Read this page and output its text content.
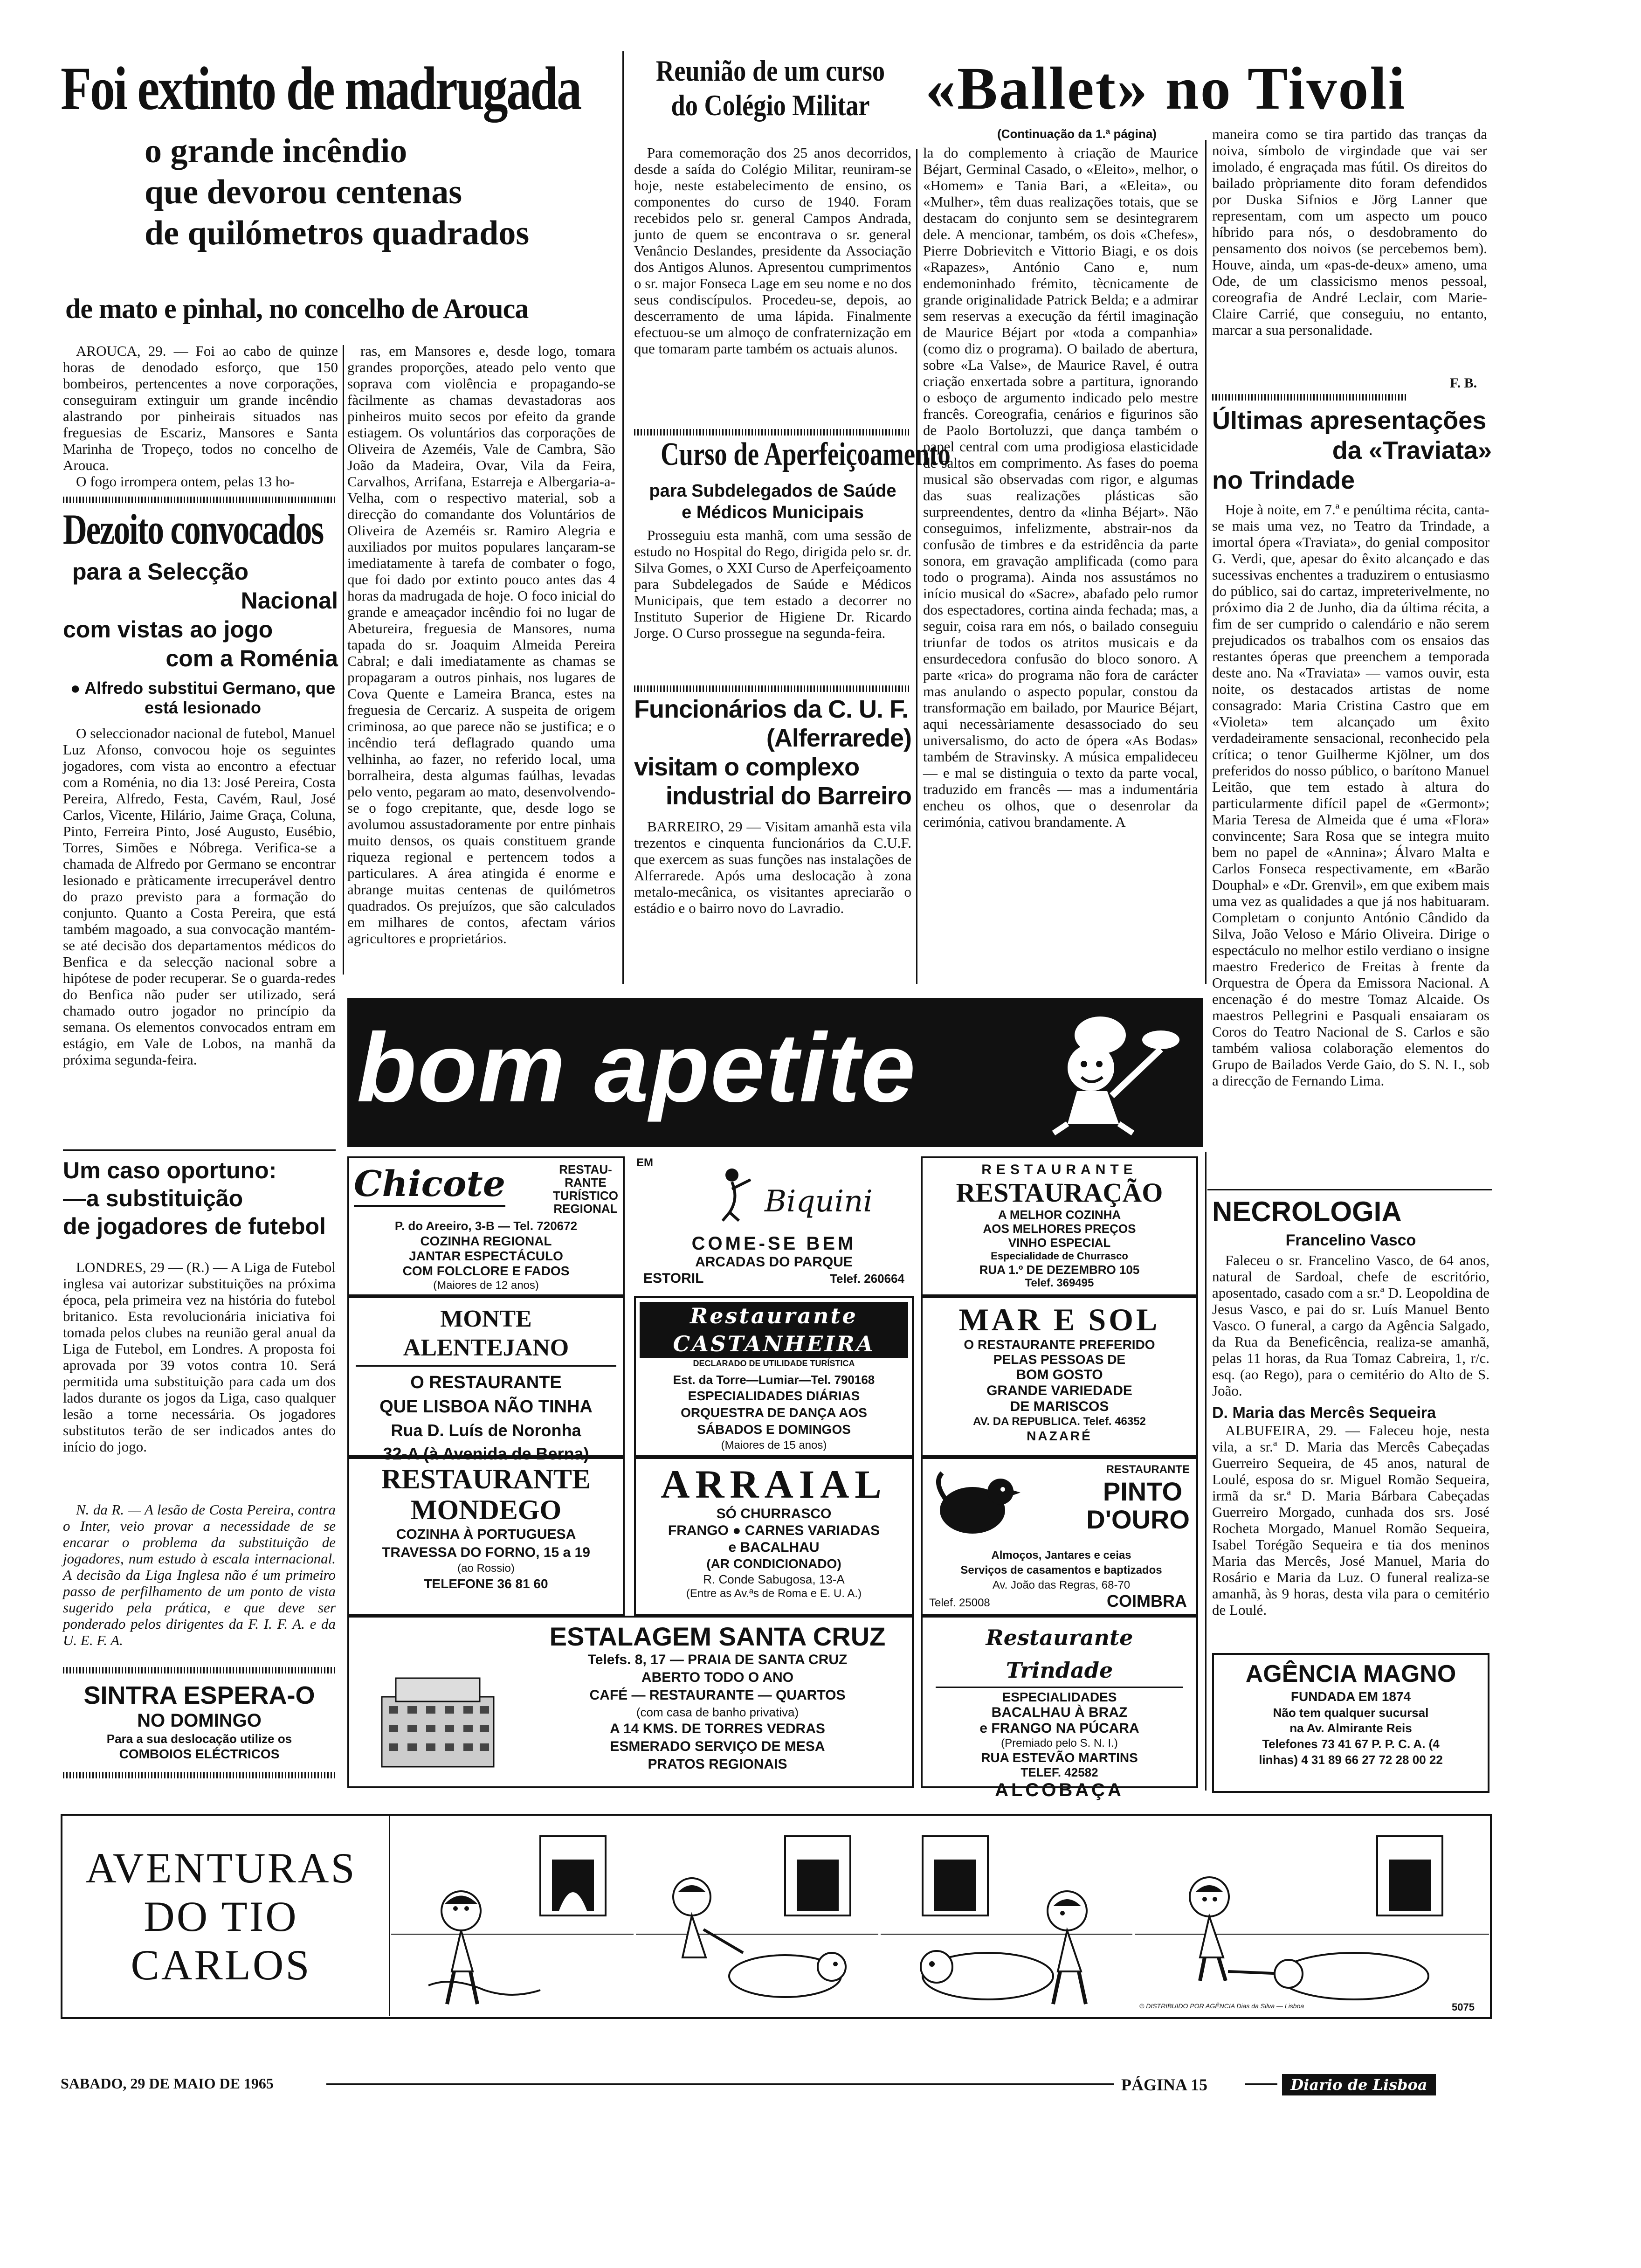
Foi extinto de madrugada
o grande incêndio
que devorou centenas
de quilómetros quadrados
de mato e pinhal, no concelho de Arouca

AROUCA, 29. — Foi ao cabo de quinze horas de denodado esforço, que 150 bombeiros, pertencentes a nove corporações, conseguiram extinguir um grande incêndio alastrando por pinheirais situados nas freguesias de Escariz, Mansores e Santa Marinha de Tropeço, todos no concelho de Arouca.

O fogo irrompera ontem, pelas 13 ho-

ras, em Mansores e, desde logo, tomara grandes proporções, ateado pelo vento que soprava com violência e propagando-se fàcilmente as chamas devastadoras aos pinheiros muito secos por efeito da grande estiagem. Os voluntários das corporações de Oliveira de Azeméis, Vale de Cambra, São João da Madeira, Ovar, Vila da Feira, Carvalhos, Arrifana, Estarreja e Albergaria-a-Velha, com o respectivo material, sob a direcção do comandante dos Voluntários de Oliveira de Azeméis sr. Ramiro Alegria e auxiliados por muitos populares lançaram-se imediatamente à tarefa de combater o fogo, que foi dado por extinto pouco antes das 4 horas da madrugada de hoje. O foco inicial do grande e ameaçador incêndio foi no lugar de Abetureira, freguesia de Mansores, numa tapada do sr. Joaquim Almeida Pereira Cabral; e dali imediatamente as chamas se propagaram a outros pinhais, nos lugares de Cova Quente e Lameira Branca, estes na freguesia de Cercariz. A suspeita de origem criminosa, ao que parece não se justifica; e o incêndio terá deflagrado quando uma velhinha, ao fazer, no referido local, uma borralheira, desta algumas faúlhas, levadas pelo vento, pegaram ao mato, desenvolvendo-se o fogo crepitante, que, desde logo se avolumou assustadoramente por entre pinhais muito densos, os quais constituem grande riqueza regional e pertencem todos a particulares. A área atingida é enorme e abrange muitas centenas de quilómetros quadrados. Os prejuízos, que são calculados em milhares de contos, afectam vários agricultores e proprietários.

Dezoito convocados
para a Selecção
Nacional
com vistas ao jogo
com a Roménia
● Alfredo substitui Germano, que está lesionado

O seleccionador nacional de futebol, Manuel Luz Afonso, convocou hoje os seguintes jogadores, com vista ao encontro a efectuar com a Roménia, no dia 13: José Pereira, Costa Pereira, Alfredo, Festa, Cavém, Raul, José Carlos, Vicente, Hilário, Jaime Graça, Coluna, Pinto, Ferreira Pinto, José Augusto, Eusébio, Torres, Simões e Nóbrega. Verifica-se a chamada de Alfredo por Germano se encontrar lesionado e pràticamente irrecuperável dentro do prazo previsto para a formação do conjunto. Quanto a Costa Pereira, que está também magoado, a sua convocação mantém-se até decisão dos departamentos médicos do Benfica e da selecção nacional sobre a hipótese de poder recuperar. Se o guarda-redes do Benfica não puder ser utilizado, será chamado outro jogador no princípio da semana. Os elementos convocados entram em estágio, em Vale de Lobos, na manhã da próxima segunda-feira.

Um caso oportuno:
—a substituição
de jogadores de futebol

LONDRES, 29 — (R.) — A Liga de Futebol inglesa vai autorizar substituições na próxima época, pela primeira vez na história do futebol britanico. Esta revolucionária iniciativa foi tomada pelos clubes na reunião geral anual da Liga de Futebol, em Londres. A proposta foi aprovada por 39 votos contra 10. Será permitida uma substituição para cada um dos lados durante os jogos da Liga, caso qualquer lesão a torne necessária. Os jogadores substitutos terão de ser indicados antes do início do jogo.

N. da R. — A lesão de Costa Pereira, contra o Inter, veio provar a necessidade de se encarar o problema da substituição de jogadores, num estudo à escala internacional. A decisão da Liga Inglesa não é um primeiro passo de perfilhamento de um ponto de vista sugerido pela prática, e que deve ser ponderado pelos dirigentes da F. I. F. A. e da U. E. F. A.

SINTRA ESPERA-O
NO DOMINGO
Para a sua deslocação utilize os
COMBOIOS ELÉCTRICOS
Reunião de um curso
do Colégio Militar

Para comemoração dos 25 anos decorridos, desde a saída do Colégio Militar, reuniram-se hoje, neste estabelecimento de ensino, os componentes do curso de 1940. Foram recebidos pelo sr. general Campos Andrada, junto de quem se encontrava o sr. general Venâncio Deslandes, presidente da Associação dos Antigos Alunos. Apresentou cumprimentos o sr. major Fonseca Lage em seu nome e no dos seus condiscípulos. Procedeu-se, depois, ao descerramento de uma lápida. Finalmente efectuou-se um almoço de confraternização em que tomaram parte também os actuais alunos.

Curso de Aperfeiçoamento
para Subdelegados de Saúde
e Médicos Municipais

Prosseguiu esta manhã, com uma sessão de estudo no Hospital do Rego, dirigida pelo sr. dr. Silva Gomes, o XXI Curso de Aperfeiçoamento para Subdelegados de Saúde e Médicos Municipais, que tem estado a decorrer no Instituto Superior de Higiene Dr. Ricardo Jorge. O Curso prossegue na segunda-feira.

Funcionários da C. U. F.
(Alferrarede)
visitam o complexo
industrial do Barreiro

BARREIRO, 29 — Visitam amanhã esta vila trezentos e cinquenta funcionários da C.U.F. que exercem as suas funções nas instalações de Alferrarede. Após uma deslocação à zona metalo-mecânica, os visitantes apreciarão o estádio e o bairro novo do Lavradio.

«Ballet» no Tivoli
(Continuação da 1.ª página)

la do complemento à criação de Maurice Béjart, Germinal Casado, o «Eleito», melhor, o «Homem» e Tania Bari, a «Eleita», ou «Mulher», têm duas realizações totais, que se destacam do conjunto sem se desintegrarem dele. A mencionar, também, os dois «Chefes», Pierre Dobrievitch e Vittorio Biagi, e os dois «Rapazes», António Cano e, num endemoninhado frémito, tècnicamente de grande originalidade Patrick Belda; e a admirar sem reservas a execução da fértil imaginação de Maurice Béjart por «toda a companhia» (como diz o programa). O bailado de abertura, sobre «La Valse», de Maurice Ravel, é outra criação enxertada sobre a partitura, ignorando o esboço de argumento indicado pelo mestre francês. Coreografia, cenários e figurinos são de Paolo Bortoluzzi, que dança também o papel central com uma prodigiosa elasticidade de saltos em comprimento. As fases do poema musical são observadas com rigor, e algumas das suas realizações plásticas são surpreendentes, dentro da «linha Béjart». Não conseguimos, infelizmente, abstrair-nos da confusão de timbres e da estridência da parte sonora, em gravação amplificada (como para todo o programa). Ainda nos assustámos no início musical do «Sacre», abafado pelo rumor dos espectadores, cortina ainda fechada; mas, a seguir, coisa rara em nós, o bailado conseguiu triunfar de todos os atritos musicais e da ensurdecedora confusão do bloco sonoro. A parte «rica» do programa não fora de carácter mas anulando o aspecto popular, constou da transformação em bailado, por Maurice Béjart, aqui necessàriamente desassociado do seu universalismo, do acto de ópera «As Bodas» também de Stravinsky. A música empalideceu — e mal se distinguia o texto da parte vocal, traduzido em francês — mas a indumentária encheu os olhos, que o desenrolar da cerimónia, cativou brandamente. A

maneira como se tira partido das tranças da noiva, símbolo de virgindade que vai ser imolado, é engraçada mas fútil. Os direitos do bailado pròpriamente dito foram defendidos por Duska Sifnios e Jörg Lanner que representam, com um aspecto um pouco híbrido para nós, o desdobramento do pensamento dos noivos (se percebemos bem). Houve, ainda, um «pas-de-deux» ameno, uma Ode, de um classicismo menos pessoal, coreografia de André Leclair, com Marie-Claire Carrié, que conseguiu, no entanto, marcar a sua personalidade.

F. B.
Últimas apresentações
da «Traviata»
no Trindade

Hoje à noite, em 7.ª e penúltima récita, canta-se mais uma vez, no Teatro da Trindade, a imortal ópera «Traviata», do genial compositor G. Verdi, que, apesar do êxito alcançado e das sucessivas enchentes a traduzirem o entusiasmo do público, sai do cartaz, impreterivelmente, no próximo dia 2 de Junho, dia da última récita, a fim de ser cumprido o calendário e não serem prejudicados os trabalhos com os ensaios das restantes óperas que preenchem a temporada deste ano. Na «Traviata» — vamos ouvir, esta noite, os destacados artistas de nome consagrado: Maria Cristina Castro que em «Violeta» tem alcançado um êxito verdadeiramente sensacional, reconhecido pela crítica; o tenor Guilherme Kjölner, um dos preferidos do nosso público, o barítono Manuel Leitão, que tem estado à altura do particularmente difícil papel de «Germont»; Maria Teresa de Almeida que é uma «Flora» convincente; Sara Rosa que se integra muito bem no papel de «Annina»; Álvaro Malta e Carlos Fonseca respectivamente, em «Barão Douphal» e «Dr. Grenvil», em que exibem mais uma vez as qualidades a que já nos habituaram. Completam o conjunto António Cândido da Silva, João Veloso e Mário Oliveira. Dirige o espectáculo no melhor estilo verdiano o insigne maestro Frederico de Freitas à frente da Orquestra de Ópera da Emissora Nacional. A encenação é do mestre Tomaz Alcaide. Os maestros Pellegrini e Pasquali ensaiaram os Coros do Teatro Nacional de S. Carlos e são também valiosa colaboração elementos do Grupo de Bailados Verde Gaio, do S. N. I., sob a direcção de Fernando Lima.

NECROLOGIA
Francelino Vasco

Faleceu o sr. Francelino Vasco, de 64 anos, natural de Sardoal, chefe de escritório, aposentado, casado com a sr.ª D. Leopoldina de Jesus Vasco, e pai do sr. Luís Manuel Bento Vasco. O funeral, a cargo da Agência Salgado, da Rua da Beneficência, realiza-se amanhã, pelas 11 horas, da Rua Tomaz Cabreira, 1, r/c. esq. (ao Rego), para o cemitério do Alto de S. João.

D. Maria das Mercês Sequeira

ALBUFEIRA, 29. — Faleceu hoje, nesta vila, a sr.ª D. Maria das Mercês Cabeçadas Guerreiro Sequeira, de 45 anos, natural de Loulé, esposa do sr. Miguel Romão Sequeira, irmã da sr.ª D. Maria Bárbara Cabeçadas Guerreiro Morgado, cunhada dos srs. José Rocheta Morgado, Manuel Romão Sequeira, Isabel Torégão Sequeira e tia dos meninos Maria das Mercês, José Manuel, Maria do Rosário e Maria da Luz. O funeral realiza-se amanhã, às 9 horas, desta vila para o cemitério de Loulé.

AGÊNCIA MAGNO
FUNDADA EM 1874
Não tem qualquer sucursal
na Av. Almirante Reis
Telefones 73 41 67 P. P. C. A. (4
linhas) 4 31 89 66 27 72 28 00 22
bom apetite
Chicote	RESTAU-
RANTE
TURÍSTICO
REGIONAL
P. do Areeiro, 3-B — Tel. 720672
COZINHA REGIONAL
JANTAR ESPECTÁCULO
COM FOLCLORE E FADOS
(Maiores de 12 anos)
EM
Biquini
COME-SE BEM
ARCADAS DO PARQUE
ESTORIL	Telef. 260664
RESTAURANTE
RESTAURAÇÃO
A MELHOR COZINHA
AOS MELHORES PREÇOS
VINHO ESPECIAL
Especialidade de Churrasco
RUA 1.º DE DEZEMBRO 105
Telef. 369495
MONTE ALENTEJANO
O RESTAURANTE
QUE LISBOA NÃO TINHA
Rua D. Luís de Noronha
32-A (à Avenida de Berna)
Restaurante CASTANHEIRA
DECLARADO DE UTILIDADE TURÍSTICA
Est. da Torre—Lumiar—Tel. 790168
ESPECIALIDADES DIÁRIAS
ORQUESTRA DE DANÇA AOS
SÁBADOS E DOMINGOS
(Maiores de 15 anos)
MAR E SOL
O RESTAURANTE PREFERIDO
PELAS PESSOAS DE
BOM GOSTO
GRANDE VARIEDADE
DE MARISCOS
AV. DA REPUBLICA. Telef. 46352
NAZARÉ
RESTAURANTE
MONDEGO
COZINHA À PORTUGUESA
TRAVESSA DO FORNO, 15 a 19
(ao Rossio)
TELEFONE 36 81 60
ARRAIAL
SÓ CHURRASCO
FRANGO ● CARNES VARIADAS
e BACALHAU
(AR CONDICIONADO)
R. Conde Sabugosa, 13-A
(Entre as Av.ªs de Roma e E. U. A.)
RESTAURANTE
PINTO
D'OURO
Almoços, Jantares e ceias
Serviços de casamentos e baptizados
Av. João das Regras, 68-70
Telef. 25008	COIMBRA
ESTALAGEM SANTA CRUZ
Telefs. 8, 17 — PRAIA DE SANTA CRUZ
ABERTO TODO O ANO
CAFÉ — RESTAURANTE — QUARTOS
(com casa de banho privativa)
A 14 KMS. DE TORRES VEDRAS
ESMERADO SERVIÇO DE MESA
PRATOS REGIONAIS
Restaurante Trindade
ESPECIALIDADES
BACALHAU À BRAZ
e FRANGO NA PÚCARA
(Premiado pelo S. N. I.)
RUA ESTEVÃO MARTINS
TELEF. 42582
ALCOBAÇA
AVENTURAS
DO TIO
CARLOS
© DISTRIBUIDO POR AGÊNCIA Dias da Silva — Lisboa	5075
SABADO, 29 DE MAIO DE 1965	PÁGINA 15	Diario de Lisboa
